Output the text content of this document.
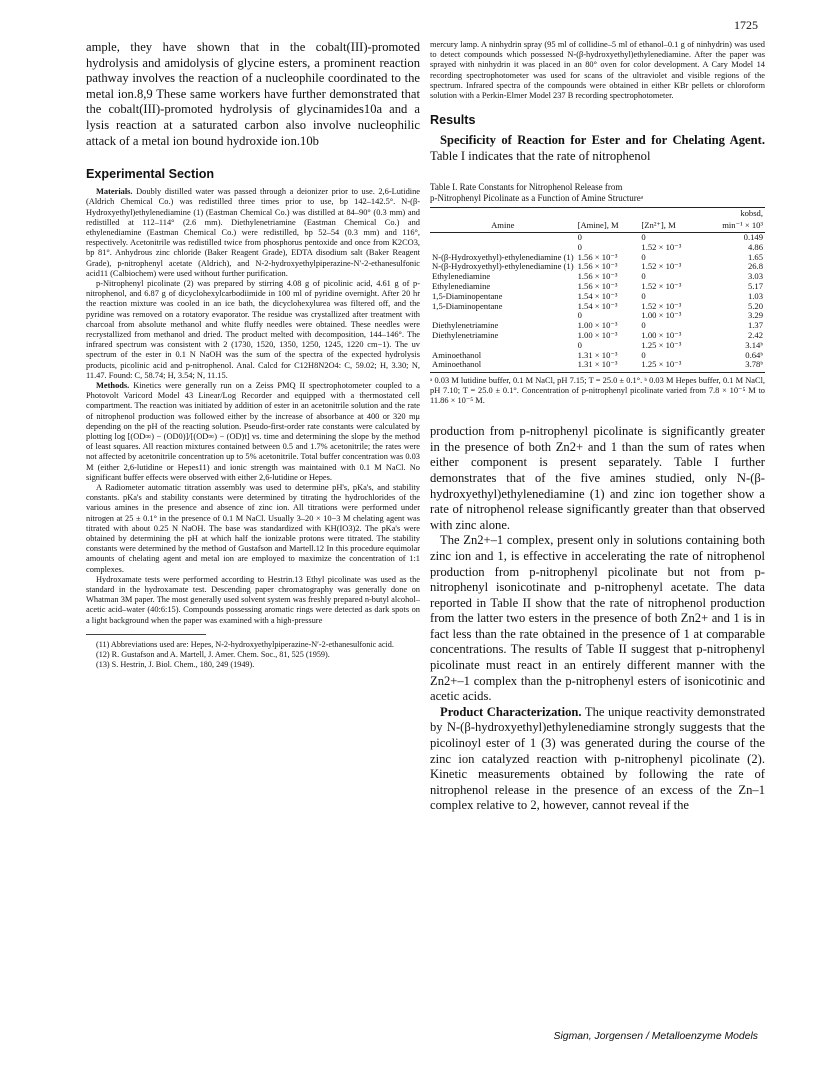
1725

ample, they have shown that in the cobalt(III)-promoted hydrolysis and amidolysis of glycine esters, a prominent reaction pathway involves the reaction of a nucleophile coordinated to the metal ion.8,9 These same workers have further demonstrated that the cobalt(III)-promoted hydrolysis of glycinamides10a and a lysis reaction at a saturated carbon also involve nucleophilic attack of a metal ion bound hydroxide ion.10b

Experimental Section

Materials. Doubly distilled water was passed through a deionizer prior to use. 2,6-Lutidine (Aldrich Chemical Co.) was redistilled three times prior to use, bp 142–142.5°. N-(β-Hydroxyethyl)ethylenediamine (1) (Eastman Chemical Co.) was distilled at 84–90° (0.3 mm) and redistilled at 112–114° (2.6 mm). Diethylenetriamine (Eastman Chemical Co.) and ethylenediamine (Eastman Chemical Co.) were redistilled, bp 52–54 (0.3 mm) and 116°, respectively. Acetonitrile was redistilled twice from phosphorus pentoxide and once from K2CO3, bp 81°. Anhydrous zinc chloride (Baker Reagent Grade), EDTA disodium salt (Baker Reagent Grade), p-nitrophenyl acetate (Aldrich), and N-2-hydroxyethylpiperazine-N′-2-ethanesulfonic acid11 (Calbiochem) were used without further purification.

p-Nitrophenyl picolinate (2) was prepared by stirring 4.08 g of picolinic acid, 4.61 g of p-nitrophenol, and 6.87 g of dicyclohexylcarbodiimide in 100 ml of pyridine overnight. After 20 hr the reaction mixture was cooled in an ice bath, the dicyclohexylurea was filtered off, and the pyridine was removed on a rotatory evaporator. The residue was crystallized after treatment with charcoal from absolute methanol and white fluffy needles were obtained. These needles were recrystallized from methanol and dried. The product melted with decomposition, 144–146°. The infrared spectrum was consistent with 2 (1730, 1520, 1350, 1250, 1245, 1220 cm−1). The uv spectrum of the ester in 0.1 N NaOH was the sum of the spectra of the expected hydrolysis products, picolinic acid and p-nitrophenol. Anal. Calcd for C12H8N2O4: C, 59.02; H, 3.30; N, 11.47. Found: C, 58.74; H, 3.54; N, 11.15.

Methods. Kinetics were generally run on a Zeiss PMQ II spectrophotometer coupled to a Photovolt Varicord Model 43 Linear/Log Recorder and equipped with a thermostated cell compartment. The reaction was initiated by addition of ester in an acetonitrile solution and the rate of nitrophenol production was followed either by the increase of absorbance at 400 or 320 mμ depending on the pH of the reacting solution. Pseudo-first-order rate constants were calculated by plotting log [(OD∞) − (OD0)]/[(OD∞) − (OD)t] vs. time and determining the slope by the method of least squares. All reaction mixtures contained between 0.5 and 1.7% acetonitrile; the rates were not affected by acetonitrile concentration up to 5% acetonitrile. Total buffer concentration was 0.03 M (either 2,6-lutidine or Hepes11) and ionic strength was maintained with 0.1 M NaCl. No significant buffer effects were observed with either 2,6-lutidine or Hepes.

A Radiometer automatic titration assembly was used to determine pH's, pKa's, and stability constants. pKa's and stability constants were determined by titrating the hydrochlorides of the various amines in the presence and absence of zinc ion. All titrations were performed under nitrogen at 25 ± 0.1° in the presence of 0.1 M NaCl. Usually 3–20 × 10−3 M chelating agent was titrated with about 0.25 N NaOH. The base was standardized with KH(IO3)2. The pKa's were obtained by determining the pH at which half the ionizable protons were titrated. The stability constants were determined by the method of Gustafson and Martell.12 In this procedure equimolar amounts of chelating agent and metal ion are employed to maximize the concentration of 1:1 complexes.

Hydroxamate tests were performed according to Hestrin.13 Ethyl picolinate was used as the standard in the hydroxamate test. Descending paper chromatography was generally done on Whatman 3M paper. The most generally used solvent system was freshly prepared n-butyl alcohol–acetic acid–water (40:6:15). Compounds possessing aromatic rings were detected as dark spots on a light background when the paper was examined with a high-pressure

(11) Abbreviations used are: Hepes, N-2-hydroxyethylpiperazine-N′-2-ethanesulfonic acid.

(12) R. Gustafson and A. Martell, J. Amer. Chem. Soc., 81, 525 (1959).

(13) S. Hestrin, J. Biol. Chem., 180, 249 (1949).

mercury lamp. A ninhydrin spray (95 ml of collidine–5 ml of ethanol–0.1 g of ninhydrin) was used to detect compounds which possessed N-(β-hydroxyethyl)ethylenediamine. After the paper was sprayed with ninhydrin it was placed in an 80° oven for color development. A Cary Model 14 recording spectrophotometer was used for scans of the ultraviolet and visible regions of the spectrum. Infrared spectra of the compounds were obtained in either KBr pellets or chloroform solution with a Perkin-Elmer Model 237 B recording spectrophotometer.

Results

Specificity of Reaction for Ester and for Chelating Agent. Table I indicates that the rate of nitrophenol

Table I. Rate Constants for Nitrophenol Release from
p-Nitrophenyl Picolinate as a Function of Amine Structureᵃ
			kobsd,
Amine	[Amine], M	[Zn²⁺], M	min⁻¹ × 10³
	0	0	0.149
	0	1.52 × 10⁻³	4.86
N-(β-Hydroxyethyl)-ethylenediamine (1)	1.56 × 10⁻³	0	1.65
N-(β-Hydroxyethyl)-ethylenediamine (1)	1.56 × 10⁻³	1.52 × 10⁻³	26.8
Ethylenediamine	1.56 × 10⁻³	0	3.03
Ethylenediamine	1.56 × 10⁻³	1.52 × 10⁻³	5.17
1,5-Diaminopentane	1.54 × 10⁻³	0	1.03
1,5-Diaminopentane	1.54 × 10⁻³	1.52 × 10⁻³	5.20
	0	1.00 × 10⁻³	3.29
Diethylenetriamine	1.00 × 10⁻³	0	1.37
Diethylenetriamine	1.00 × 10⁻³	1.00 × 10⁻³	2.42
	0	1.25 × 10⁻³	3.14ᵇ
Aminoethanol	1.31 × 10⁻³	0	0.64ᵇ
Aminoethanol	1.31 × 10⁻³	1.25 × 10⁻³	3.78ᵇ

ᵃ 0.03 M lutidine buffer, 0.1 M NaCl, pH 7.15; T = 25.0 ± 0.1°. ᵇ 0.03 M Hepes buffer, 0.1 M NaCl, pH 7.10; T = 25.0 ± 0.1°. Concentration of p-nitrophenyl picolinate varied from 7.8 × 10⁻⁵ M to 11.86 × 10⁻⁵ M.

production from p-nitrophenyl picolinate is significantly greater in the presence of both Zn2+ and 1 than the sum of rates when either component is present separately. Table I further demonstrates that of the five amines studied, only N-(β-hydroxyethyl)ethylenediamine (1) and zinc ion together show a rate of nitrophenol release significantly greater than that observed with zinc alone.

The Zn2+–1 complex, present only in solutions containing both zinc ion and 1, is effective in accelerating the rate of nitrophenol production from p-nitrophenyl picolinate but not from p-nitrophenyl isonicotinate and p-nitrophenyl acetate. The data reported in Table II show that the rate of nitrophenol production from the latter two esters in the presence of both Zn2+ and 1 is in fact less than the rate obtained in the presence of 1 at comparable concentrations. The results of Table II suggest that p-nitrophenyl picolinate must react in an entirely different manner with the Zn2+–1 complex than the p-nitrophenyl esters of isonicotinic and acetic acids.

Product Characterization. The unique reactivity demonstrated by N-(β-hydroxyethyl)ethylenediamine strongly suggests that the picolinoyl ester of 1 (3) was generated during the course of the zinc ion catalyzed reaction with p-nitrophenyl picolinate (2). Kinetic measurements obtained by following the rate of nitrophenol release in the presence of an excess of the Zn–1 complex relative to 2, however, cannot reveal if the

Sigman, Jorgensen / Metalloenzyme Models
